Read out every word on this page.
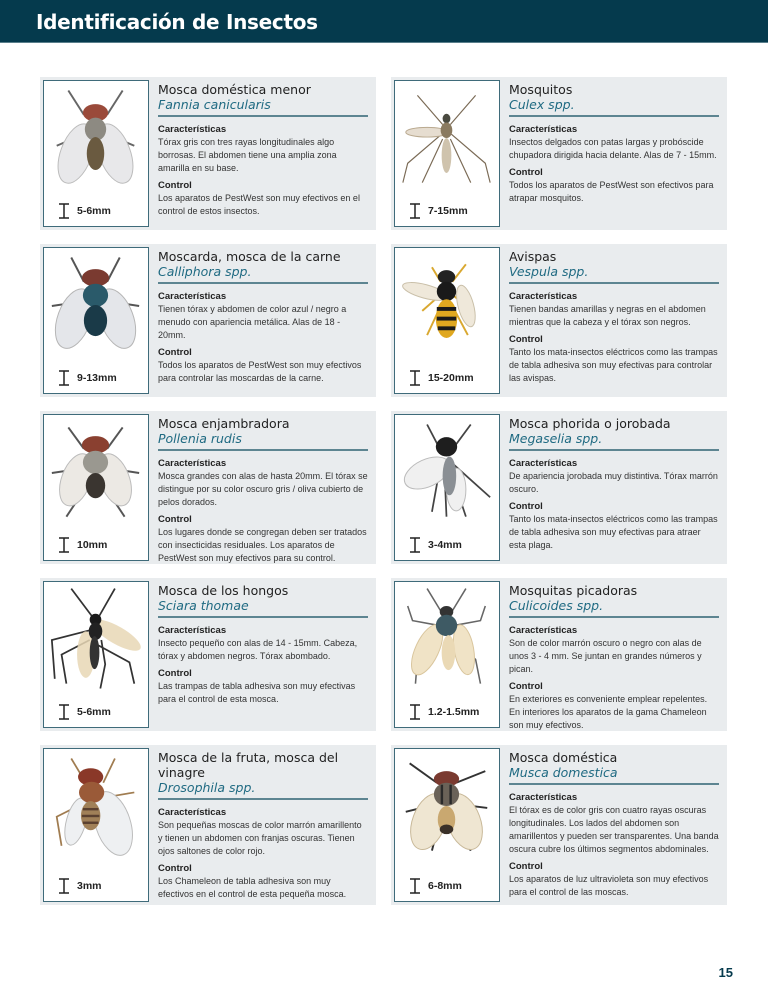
Identificación de Insectos
5-6mm
Mosca doméstica menor
Fannia canicularis
Características
Tórax gris con tres rayas longitudinales algo borrosas. El abdomen tiene una amplia zona amarilla en su base.
Control
Los aparatos de PestWest son muy efectivos en el control de estos insectos.	7-15mm
Mosquitos
Culex spp.
Características
Insectos delgados con patas largas y probóscide chupadora dirigida hacia delante. Alas de 7 - 15mm.
Control
Todos los aparatos de PestWest son efectivos para atrapar mosquitos.
9-13mm
Moscarda, mosca de la carne
Calliphora spp.
Características
Tienen tórax y abdomen de color azul / negro a menudo con apariencia metálica. Alas de 18 - 20mm.
Control
Todos los aparatos de PestWest son muy efectivos para controlar las moscardas de la carne.	15-20mm
Avispas
Vespula spp.
Características
Tienen bandas amarillas y negras en el abdomen mientras que la cabeza y el tórax son negros.
Control
Tanto los mata-insectos eléctricos como las trampas de tabla adhesiva son muy efectivas para controlar las avispas.
10mm
Mosca enjambradora
Pollenia rudis
Características
Mosca grandes con alas de hasta 20mm. El tórax se distingue por su color oscuro gris / oliva cubierto de pelos dorados.
Control
Los lugares donde se congregan deben ser tratados con insecticidas residuales. Los aparatos de PestWest son muy efectivos para su control.
3-4mm
Mosca phorida o jorobada
Megaselia spp.
Características
De apariencia jorobada muy distintiva. Tórax marrón oscuro.
Control
Tanto los mata-insectos eléctricos como las trampas de tabla adhesiva son muy efectivas para atraer esta plaga.
5-6mm
Mosca de los hongos
Sciara thomae
Características
Insecto pequeño con alas de 14 - 15mm. Cabeza, tórax y abdomen negros. Tórax abombado.
Control
Las trampas de tabla adhesiva son muy efectivas para el control de esta mosca.
1.2-1.5mm
Mosquitas picadoras
Culicoides spp.
Características
Son de color marrón oscuro o negro con alas de unos 3 - 4 mm. Se juntan en grandes números y pican.
Control
En exteriores es conveniente emplear repelentes. En interiores los aparatos de la gama Chameleon son muy efectivos.
3mm
Mosca de la fruta, mosca del vinagre
Drosophila spp.
Características
Son pequeñas moscas de color marrón amarillento y tienen un abdomen con franjas oscuras. Tienen ojos saltones de color rojo.
Control
Los Chameleon de tabla adhesiva son muy efectivos en el control de esta pequeña mosca.
6-8mm
Mosca doméstica
Musca domestica
Características
El tórax es de color gris con cuatro rayas oscuras longitudinales. Los lados del abdomen son amarillentos y pueden ser transparentes. Una banda oscura cubre los últimos segmentos abdominales.
Control
Los aparatos de luz ultravioleta son muy efectivos para el control de las moscas.
15
